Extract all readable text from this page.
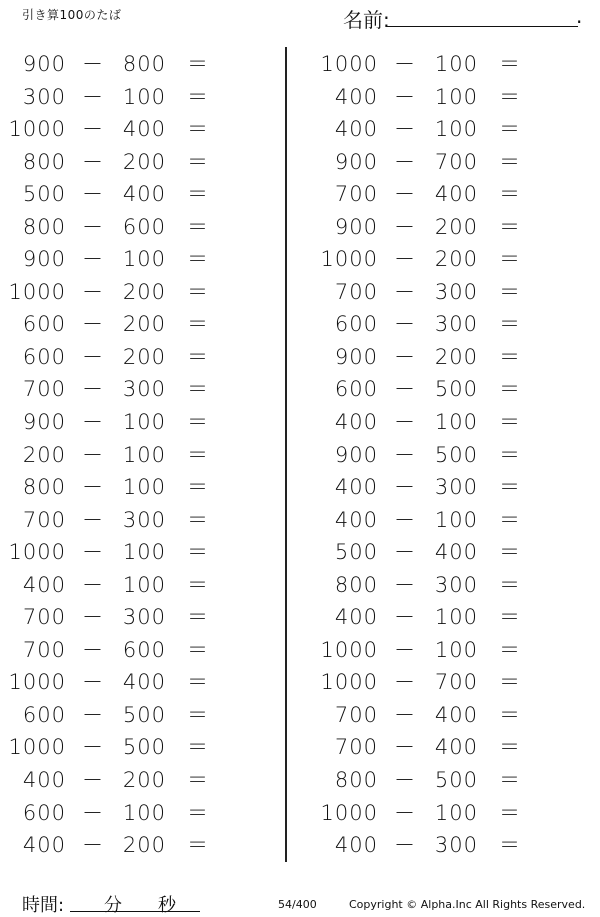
引き算100のたば	名前:	.
900 － 800 ＝
300 － 100 ＝
1000 － 400 ＝
800 － 200 ＝
500 － 400 ＝
800 － 600 ＝
900 － 100 ＝
1000 － 200 ＝
600 － 200 ＝
600 － 200 ＝
700 － 300 ＝
900 － 100 ＝
200 － 100 ＝
800 － 100 ＝
700 － 300 ＝
1000 － 100 ＝
400 － 100 ＝
700 － 300 ＝
700 － 600 ＝
1000 － 400 ＝
600 － 500 ＝
1000 － 500 ＝
400 － 200 ＝
600 － 100 ＝
400 － 200 ＝
1000 － 100 ＝
400 － 100 ＝
400 － 100 ＝
900 － 700 ＝
700 － 400 ＝
900 － 200 ＝
1000 － 200 ＝
700 － 300 ＝
600 － 300 ＝
900 － 200 ＝
600 － 500 ＝
400 － 100 ＝
900 － 500 ＝
400 － 300 ＝
400 － 100 ＝
500 － 400 ＝
800 － 300 ＝
400 － 100 ＝
1000 － 100 ＝
1000 － 700 ＝
700 － 400 ＝
700 － 400 ＝
800 － 500 ＝
1000 － 100 ＝
400 － 300 ＝
時間: 分 秒	54/400	Copyright © Alpha.Inc All Rights Reserved.
